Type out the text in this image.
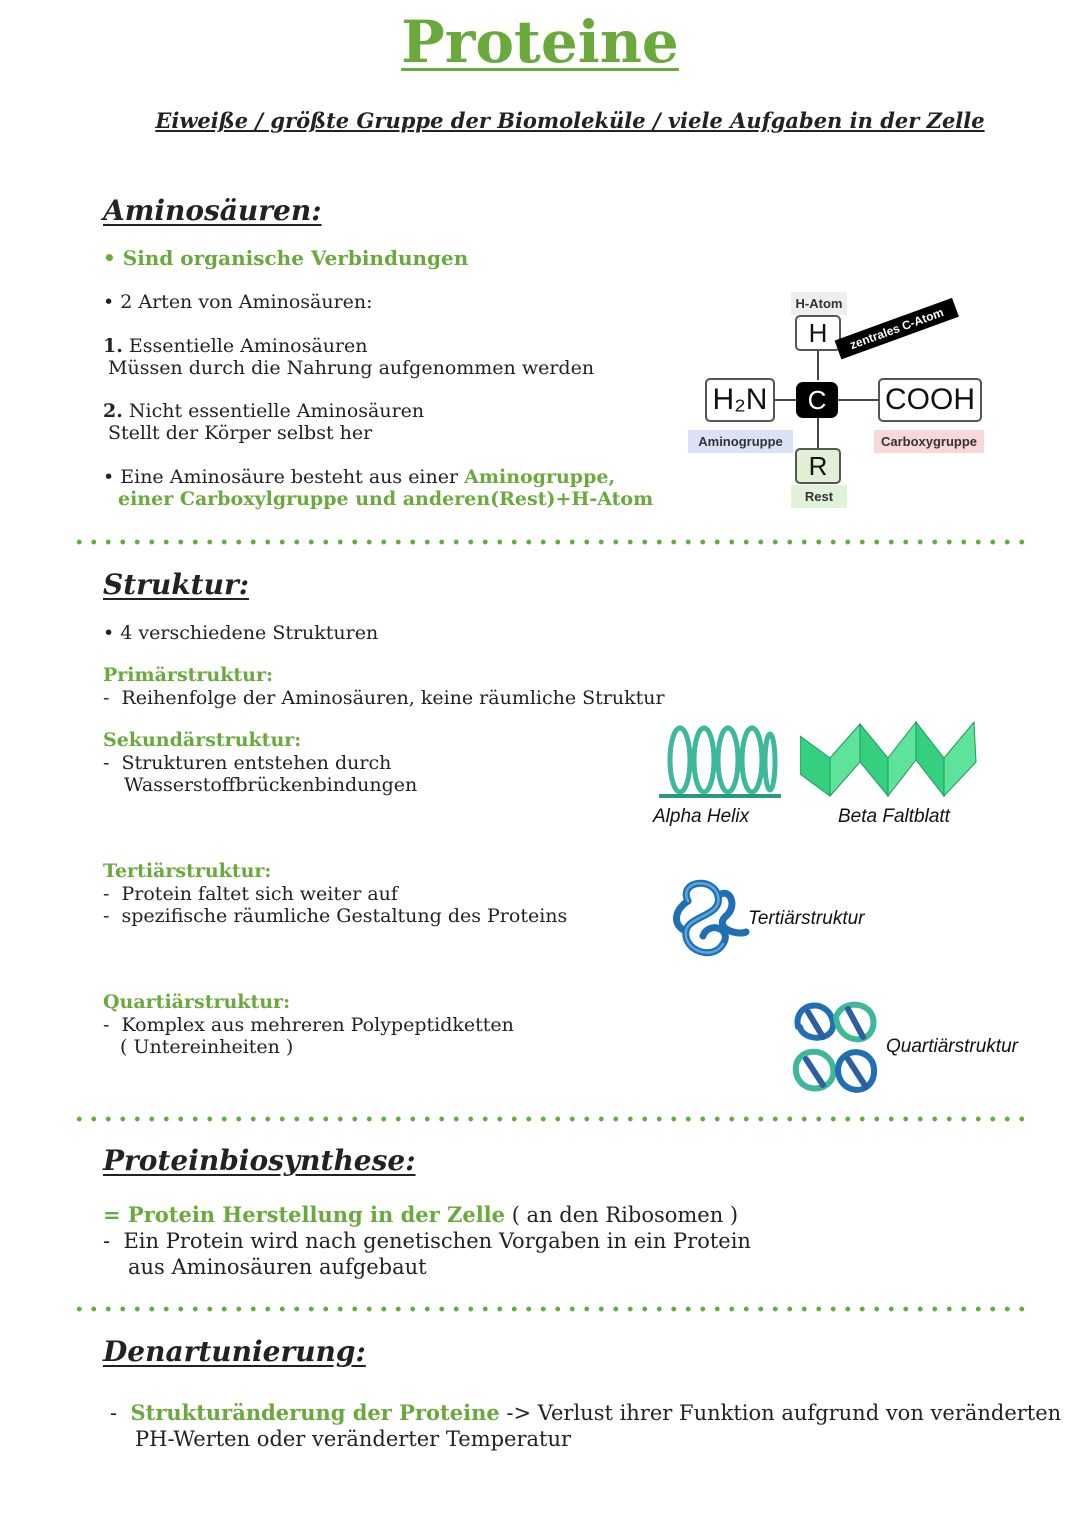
Proteine
Eiweiße / größte Gruppe der Biomoleküle / viele Aufgaben in der Zelle
Aminosäuren:
• Sind organische Verbindungen
• 2 Arten von Aminosäuren:
1. Essentielle Aminosäuren
Müssen durch die Nahrung aufgenommen werden
2. Nicht essentielle Aminosäuren
Stellt der Körper selbst her
• Eine Aminosäure besteht aus einer Aminogruppe,
einer Carboxylgruppe und anderen(Rest)+H-Atom
H-Atom
H	zentrales C-Atom
C
H₂N
Aminogruppe
COOH
Carboxygruppe
R
Rest
Struktur:
• 4 verschiedene Strukturen
Primärstruktur:
-  Reihenfolge der Aminosäuren, keine räumliche Struktur
Sekundärstruktur:
-  Strukturen entstehen durch
Wasserstoffbrückenbindungen
Tertiärstruktur:
-  Protein faltet sich weiter auf
-  spezifische räumliche Gestaltung des Proteins
Quartiärstruktur:
-  Komplex aus mehreren Polypeptidketten
( Untereinheiten )
Alpha Helix	Beta Faltblatt
Tertiärstruktur
Quartiärstruktur
Proteinbiosynthese:
= Protein Herstellung in der Zelle ( an den Ribosomen )
-  Ein Protein wird nach genetischen Vorgaben in ein Protein
aus Aminosäuren aufgebaut
Denartunierung:
-  Strukturänderung der Proteine -> Verlust ihrer Funktion aufgrund von veränderten
PH-Werten oder veränderter Temperatur
